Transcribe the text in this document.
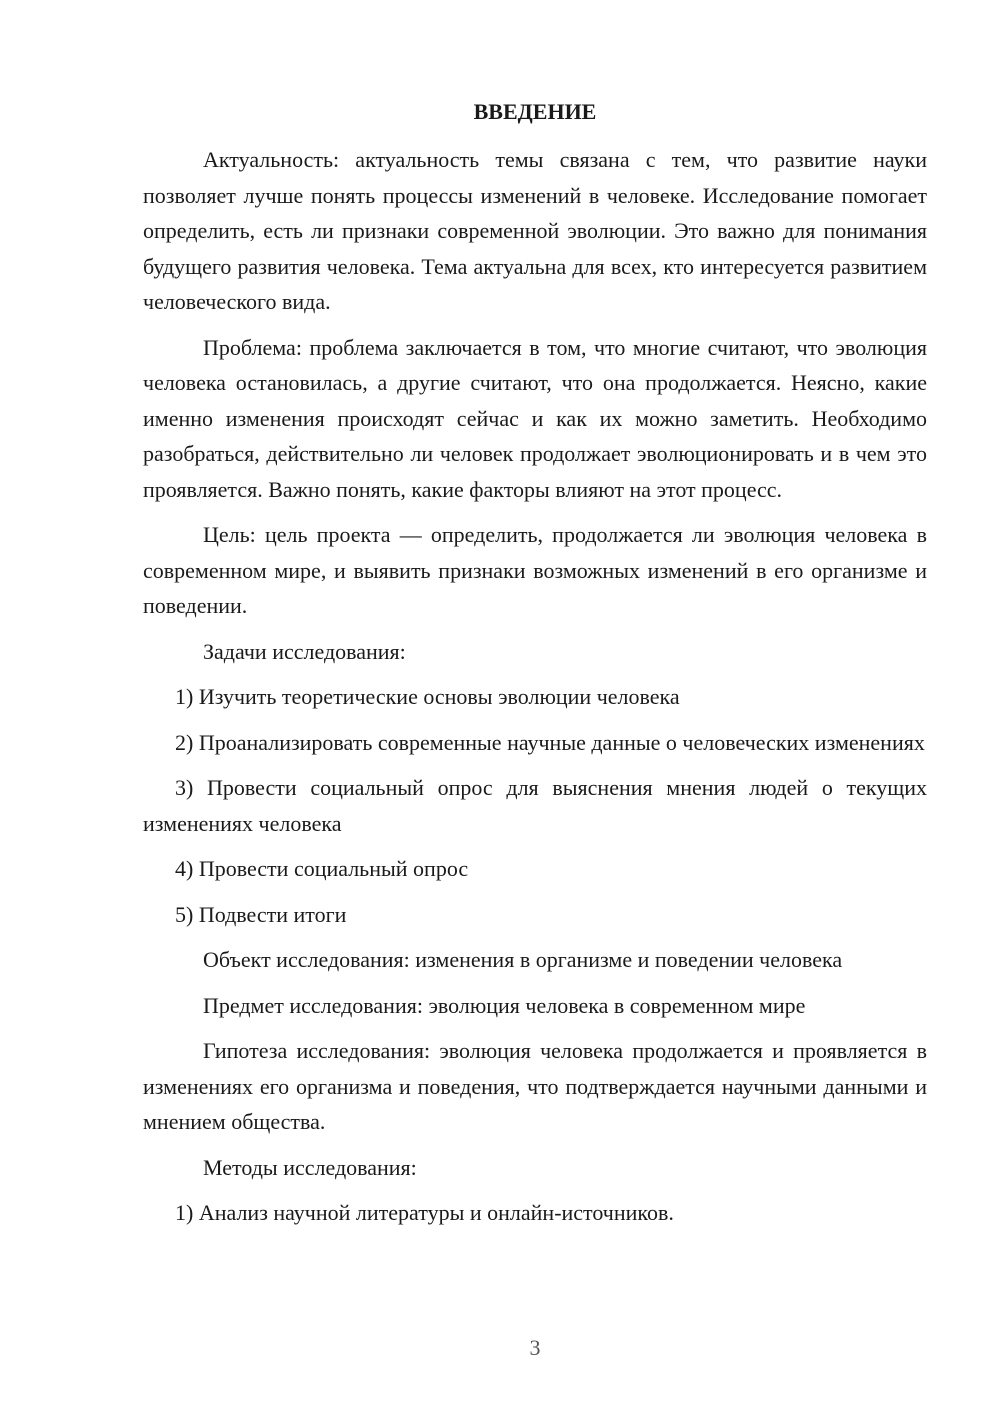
ВВЕДЕНИЕ

Актуальность: актуальность темы связана с тем, что развитие науки позволяет лучше понять процессы изменений в человеке. Исследование помогает определить, есть ли признаки современной эволюции. Это важно для понимания будущего развития человека. Тема актуальна для всех, кто интересуется развитием человеческого вида.

Проблема: проблема заключается в том, что многие считают, что эволюция человека остановилась, а другие считают, что она продолжается. Неясно, какие именно изменения происходят сейчас и как их можно заметить. Необходимо разобраться, действительно ли человек продолжает эволюционировать и в чем это проявляется. Важно понять, какие факторы влияют на этот процесс.

Цель: цель проекта — определить, продолжается ли эволюция человека в современном мире, и выявить признаки возможных изменений в его организме и поведении.

Задачи исследования:

1) Изучить теоретические основы эволюции человека

2) Проанализировать современные научные данные о человеческих изменениях

3) Провести социальный опрос для выяснения мнения людей о текущих изменениях человека

4) Провести социальный опрос

5) Подвести итоги

Объект исследования: изменения в организме и поведении человека

Предмет исследования: эволюция человека в современном мире

Гипотеза исследования: эволюция человека продолжается и проявляется в изменениях его организма и поведения, что подтверждается научными данными и мнением общества.

Методы исследования:

1) Анализ научной литературы и онлайн-источников.

3
